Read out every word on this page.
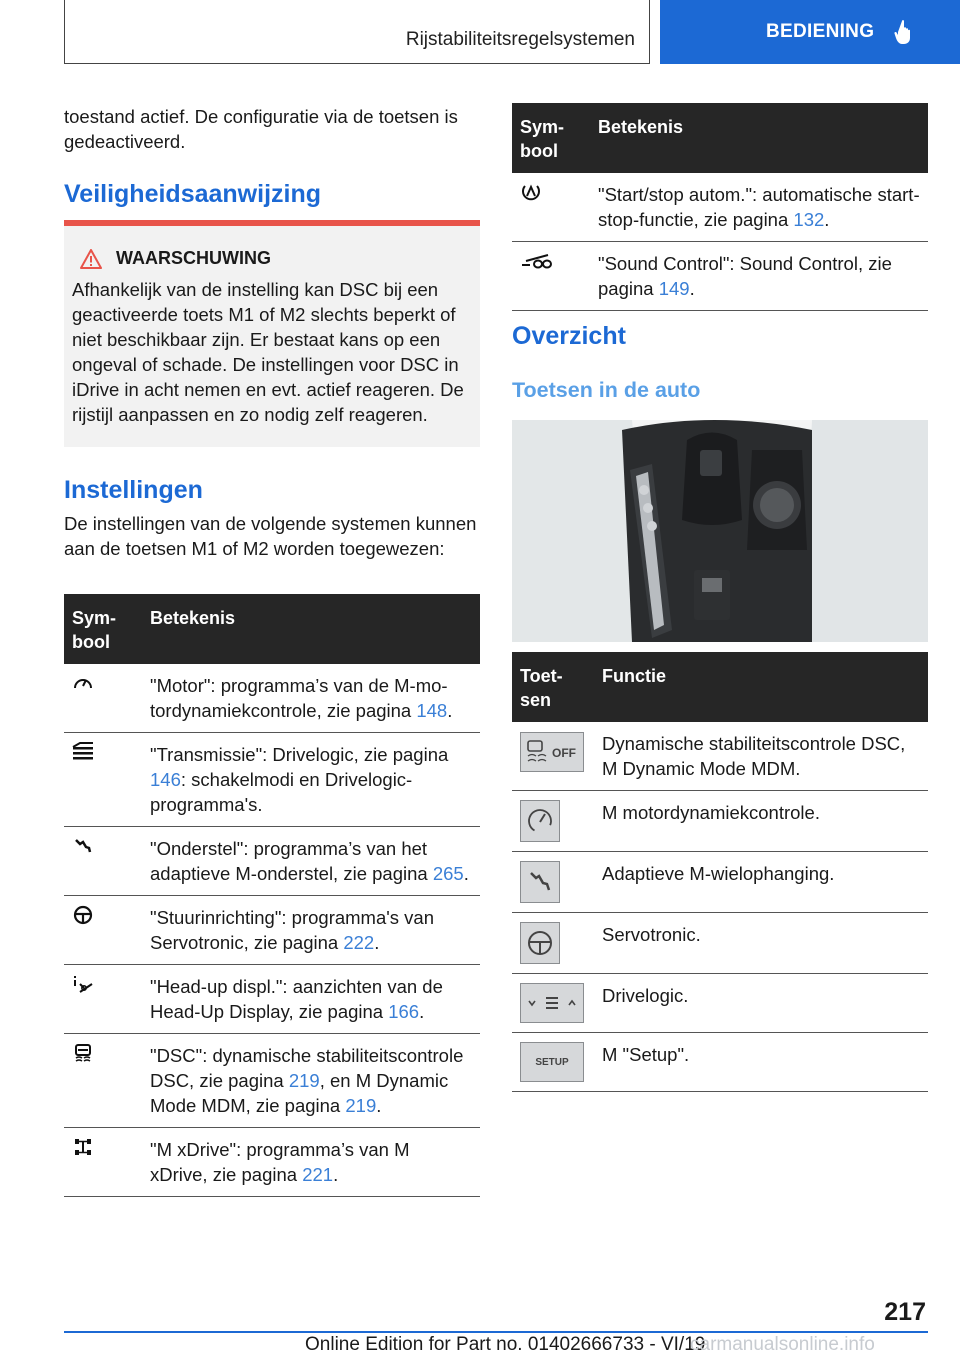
Rijstabiliteitsregelsystemen	BEDIENING

toestand actief. De configuratie via de toetsen is gedeactiveerd.

Veiligheidsaanwijzing
WAARSCHUWING

Afhankelijk van de instelling kan DSC bij een geactiveerde toets M1 of M2 slechts beperkt of niet beschikbaar zijn. Er bestaat kans op een ongeval of schade. De instellingen voor DSC in iDrive in acht nemen en evt. actief reageren. De rijstijl aanpassen en zo nodig zelf reageren.

Instellingen

De instellingen van de volgende systemen kunnen aan de toetsen M1 of M2 worden toegewezen:

Symbool	Betekenis
	"Motor": programma’s van de M-motordynamiekcontrole, zie pagina 148.
	"Transmissie": Drivelogic, zie pagina 146: schakelmodi en Drivelogic-programma's.
	"Onderstel": programma’s van het adaptieve M-onderstel, zie pagina 265.
	"Stuurinrichting": programma's van Servotronic, zie pagina 222.
	"Head-up displ.": aanzichten van de Head-Up Display, zie pagina 166.
	"DSC": dynamische stabiliteitscontrole DSC, zie pagina 219, en M Dynamic Mode MDM, zie pagina 219.
	"M xDrive": programma’s van M xDrive, zie pagina 221.
Symbool	Betekenis
	"Start/stop autom.": automatische start-stop-functie, zie pagina 132.
	"Sound Control": Sound Control, zie pagina 149.
Overzicht
Toetsen in de auto
Toetsen	Functie

OFF	Dynamische stabiliteitscontrole DSC, M Dynamic Mode MDM.

	M motordynamiekcontrole.

	Adaptieve M-wielophanging.

	Servotronic.

	Drivelogic.

SETUP	M "Setup".
217
Online Edition for Part no. 01402666733 - VI/19
carmanualsonline.info
